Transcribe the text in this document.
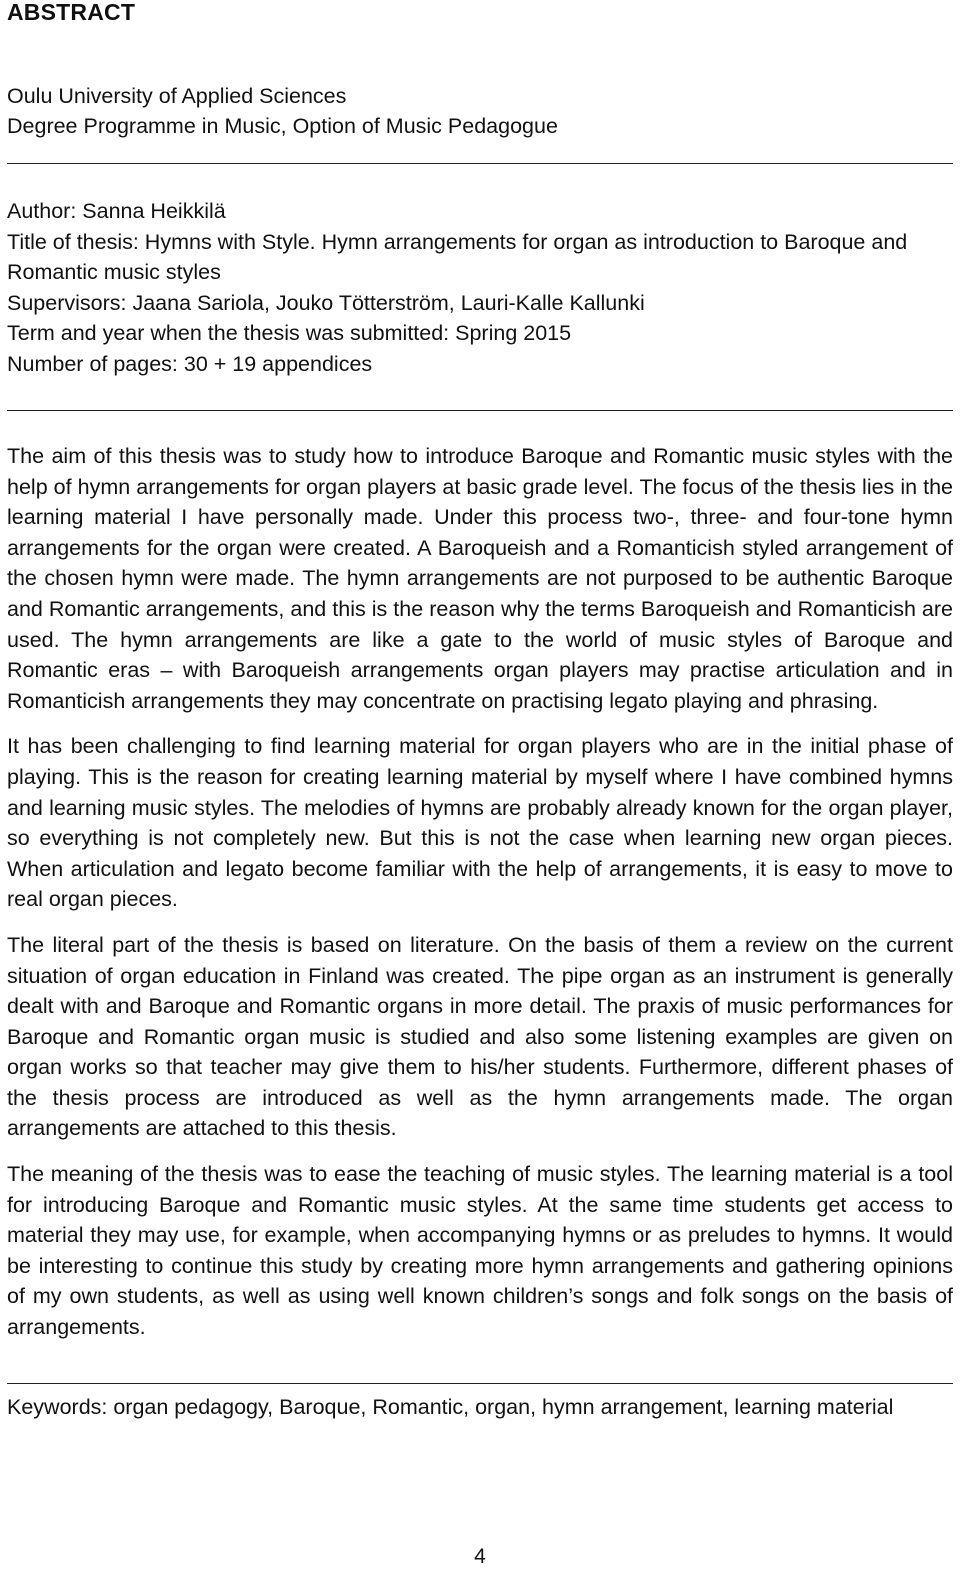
ABSTRACT
Oulu University of Applied Sciences
Degree Programme in Music, Option of Music Pedagogue
Author: Sanna Heikkilä
Title of thesis: Hymns with Style. Hymn arrangements for organ as introduction to Baroque and Romantic music styles
Supervisors: Jaana Sariola, Jouko Tötterström, Lauri-Kalle Kallunki
Term and year when the thesis was submitted: Spring 2015
Number of pages: 30 + 19 appendices

The aim of this thesis was to study how to introduce Baroque and Romantic music styles with the help of hymn arrangements for organ players at basic grade level. The focus of the thesis lies in the learning material I have personally made. Under this process two-, three- and four-tone hymn arrangements for the organ were created. A Baroqueish and a Romanticish styled arrangement of the chosen hymn were made. The hymn arrangements are not purposed to be authentic Baroque and Romantic arrangements, and this is the reason why the terms Baroqueish and Romanticish are used. The hymn arrangements are like a gate to the world of music styles of Baroque and Romantic eras – with Baroqueish arrangements organ players may practise articulation and in Romanticish arrangements they may concentrate on practising legato playing and phrasing.

It has been challenging to find learning material for organ players who are in the initial phase of playing. This is the reason for creating learning material by myself where I have combined hymns and learning music styles. The melodies of hymns are probably already known for the organ player, so everything is not completely new. But this is not the case when learning new organ pieces. When articulation and legato become familiar with the help of arrangements, it is easy to move to real organ pieces.

The literal part of the thesis is based on literature. On the basis of them a review on the current situation of organ education in Finland was created. The pipe organ as an instrument is generally dealt with and Baroque and Romantic organs in more detail. The praxis of music performances for Baroque and Romantic organ music is studied and also some listening examples are given on organ works so that teacher may give them to his/her students. Furthermore, different phases of the thesis process are introduced as well as the hymn arrangements made. The organ arrangements are attached to this thesis.

The meaning of the thesis was to ease the teaching of music styles. The learning material is a tool for introducing Baroque and Romantic music styles. At the same time students get access to material they may use, for example, when accompanying hymns or as preludes to hymns. It would be interesting to continue this study by creating more hymn arrangements and gathering opinions of my own students, as well as using well known children’s songs and folk songs on the basis of arrangements.

Keywords: organ pedagogy, Baroque, Romantic, organ, hymn arrangement, learning material
4
